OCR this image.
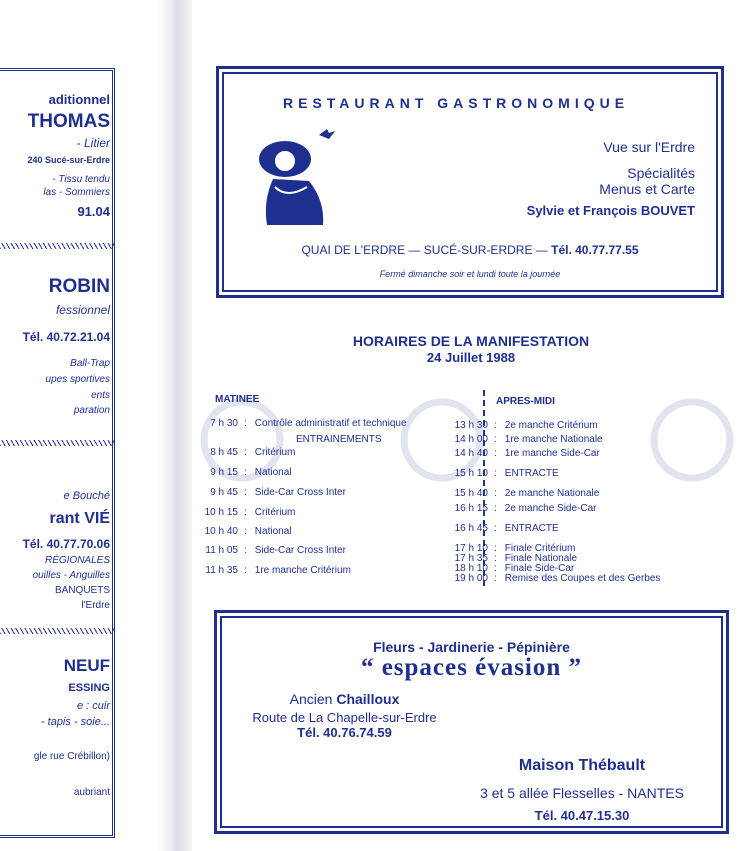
aditionnel
THOMAS
- Litier
240 Sucé-sur-Erdre
- Tissu tendu
las - Sommiers
91.04
ROBIN
fessionnel
Tél. 40.72.21.04
Ball-Trap
upes sportives
ents
paration
e Bouché
rant VIÉ
Tél. 40.77.70.06
RÉGIONALES
ouilles - Anguilles
BANQUETS
l'Erdre
NEUF
ESSING
e : cuir
- tapis - soie...
gle rue Crébillon)
aubriant
RESTAURANT GASTRONOMIQUE
Vue sur l'Erdre
Spécialités
Menus et Carte
Sylvie et François BOUVET
QUAI DE L'ERDRE — SUCÉ-SUR-ERDRE — Tél. 40.77.77.55
Fermé dimanche soir et lundi toute la journée
HORAIRES DE LA MANIFESTATION
24 Juillet 1988
MATINEE	APRES-MIDI
7 h 30 : Contrôle administratif et technique
ENTRAINEMENTS
8 h 45 : Critérium
9 h 15 : National
9 h 45 : Side-Car Cross Inter
10 h 15 : Critérium
10 h 40 : National
11 h 05 : Side-Car Cross Inter
11 h 35 : 1re manche Critérium
13 h 30 : 2e manche Critérium
14 h 00 : 1re manche Nationale
14 h 40 : 1re manche Side-Car
15 h 10 : ENTRACTE
15 h 40 : 2e manche Nationale
16 h 15 : 2e manche Side-Car
16 h 45 : ENTRACTE
17 h 10 : Finale Critérium
17 h 35 : Finale Nationale
18 h 10 : Finale Side-Car
19 h 00 : Remise des Coupes et des Gerbes
Fleurs - Jardinerie - Pépinière
“ espaces évasion ”
Ancien Chailloux
Route de La Chapelle-sur-Erdre
Tél. 40.76.74.59
Maison Thébault
3 et 5 allée Flesselles - NANTES
Tél. 40.47.15.30
